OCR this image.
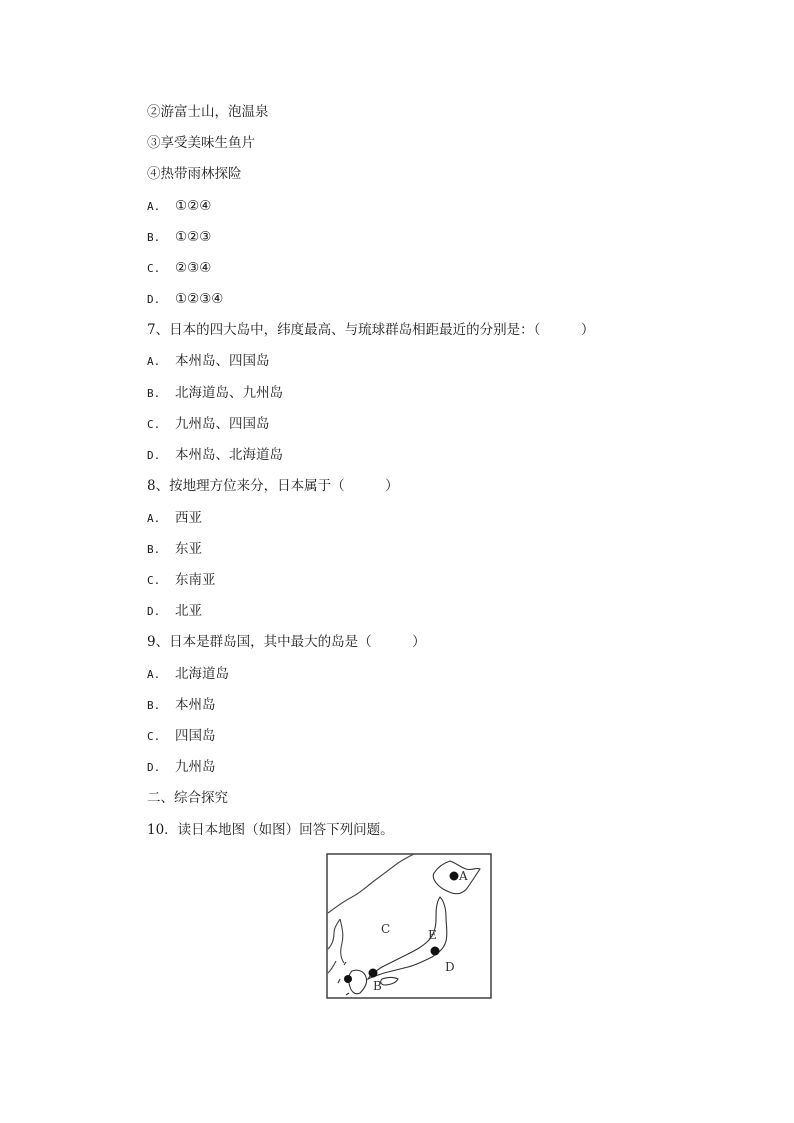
②游富士山，泡温泉
③享受美味生鱼片
④热带雨林探险
A. ①②④
B. ①②③
C. ②③④
D. ①②③④
7、日本的四大岛中，纬度最高、与琉球群岛相距最近的分别是：（　　　）
A. 本州岛、四国岛
B. 北海道岛、九州岛
C. 九州岛、四国岛
D. 本州岛、北海道岛
8、按地理方位来分，日本属于（　　　）
A. 西亚
B. 东亚
C. 东南亚
D. 北亚
9、日本是群岛国，其中最大的岛是（　　　）
A. 北海道岛
B. 本州岛
C. 四国岛
D. 九州岛
二、综合探究
10．读日本地图（如图）回答下列问题。
A
B
C
D
E
